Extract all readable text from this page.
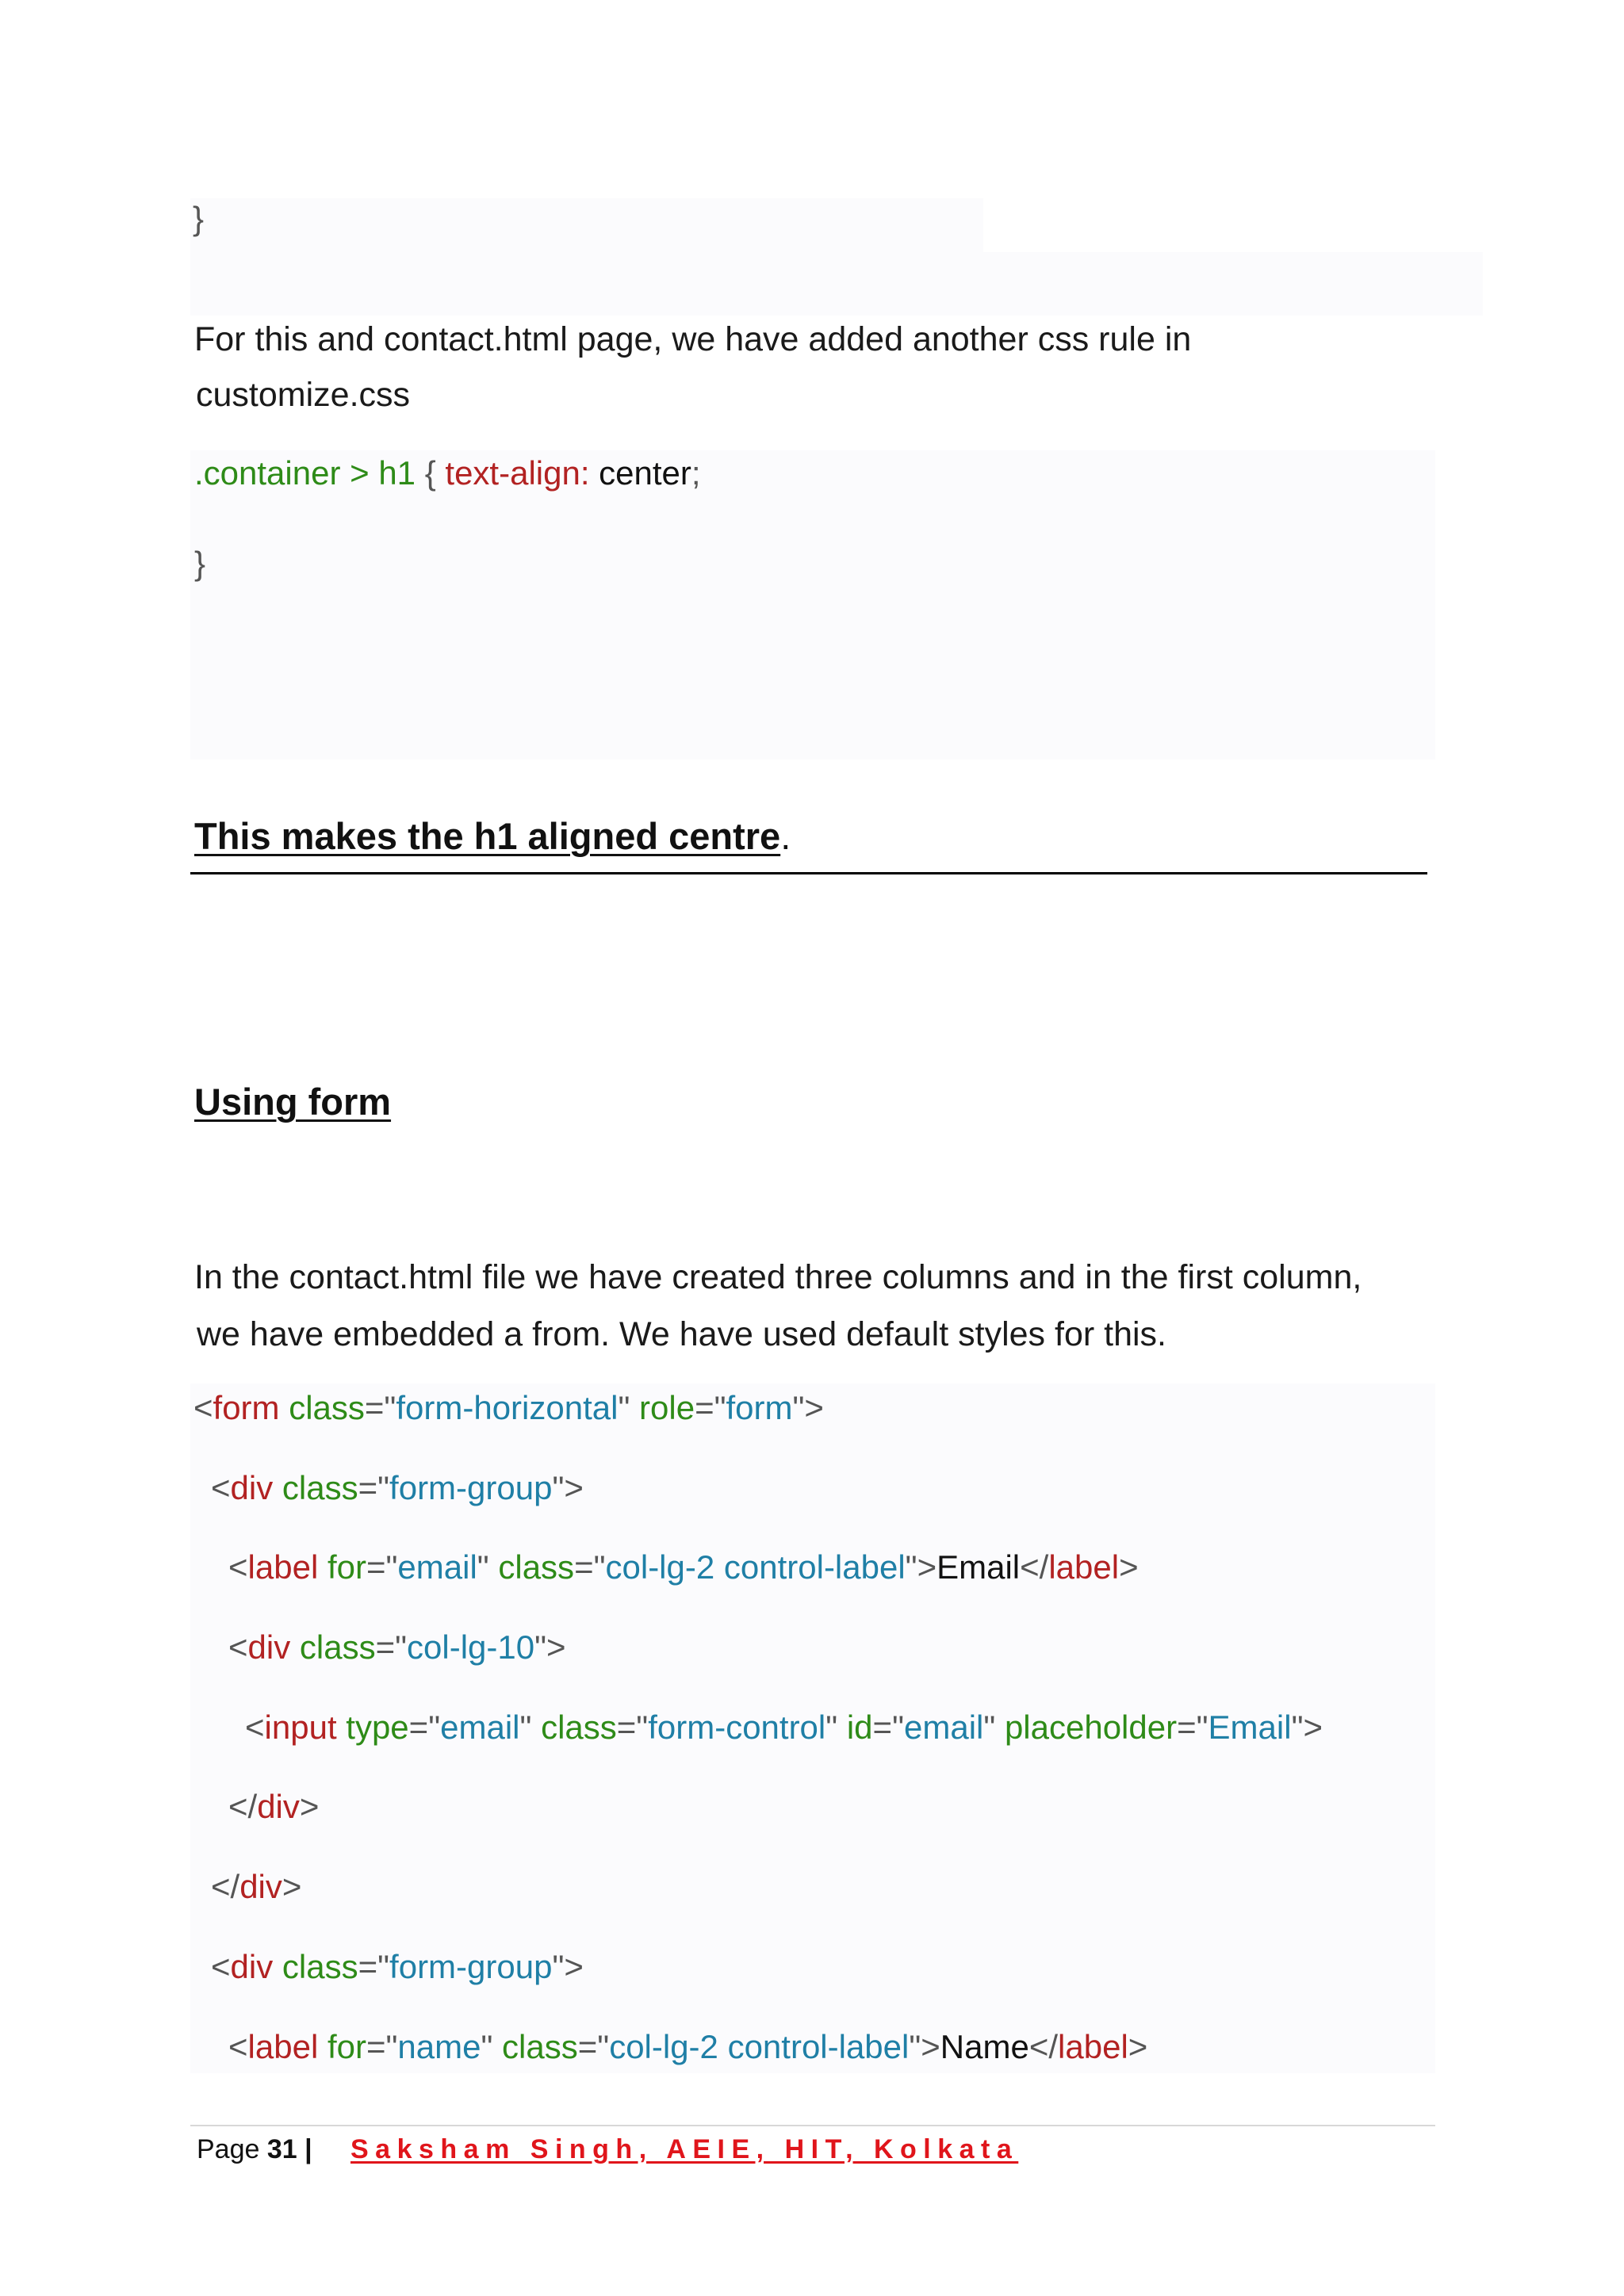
}
For this and contact.html page, we have added another css rule in
customize.css
.container > h1 { text-align: center;
}
This makes the h1 aligned centre.
Using form
In the contact.html file we have created three columns and in the first column,
we have embedded a from. We have used default styles for this.
<form class="form-horizontal" role="form">
<div class="form-group">
<label for="email" class="col-lg-2 control-label">Email</label>
<div class="col-lg-10">
<input type="email" class="form-control" id="email" placeholder="Email">
</div>
</div>
<div class="form-group">
<label for="name" class="col-lg-2 control-label">Name</label>
Page 31 | Saksham Singh, AEIE, HIT, Kolkata
